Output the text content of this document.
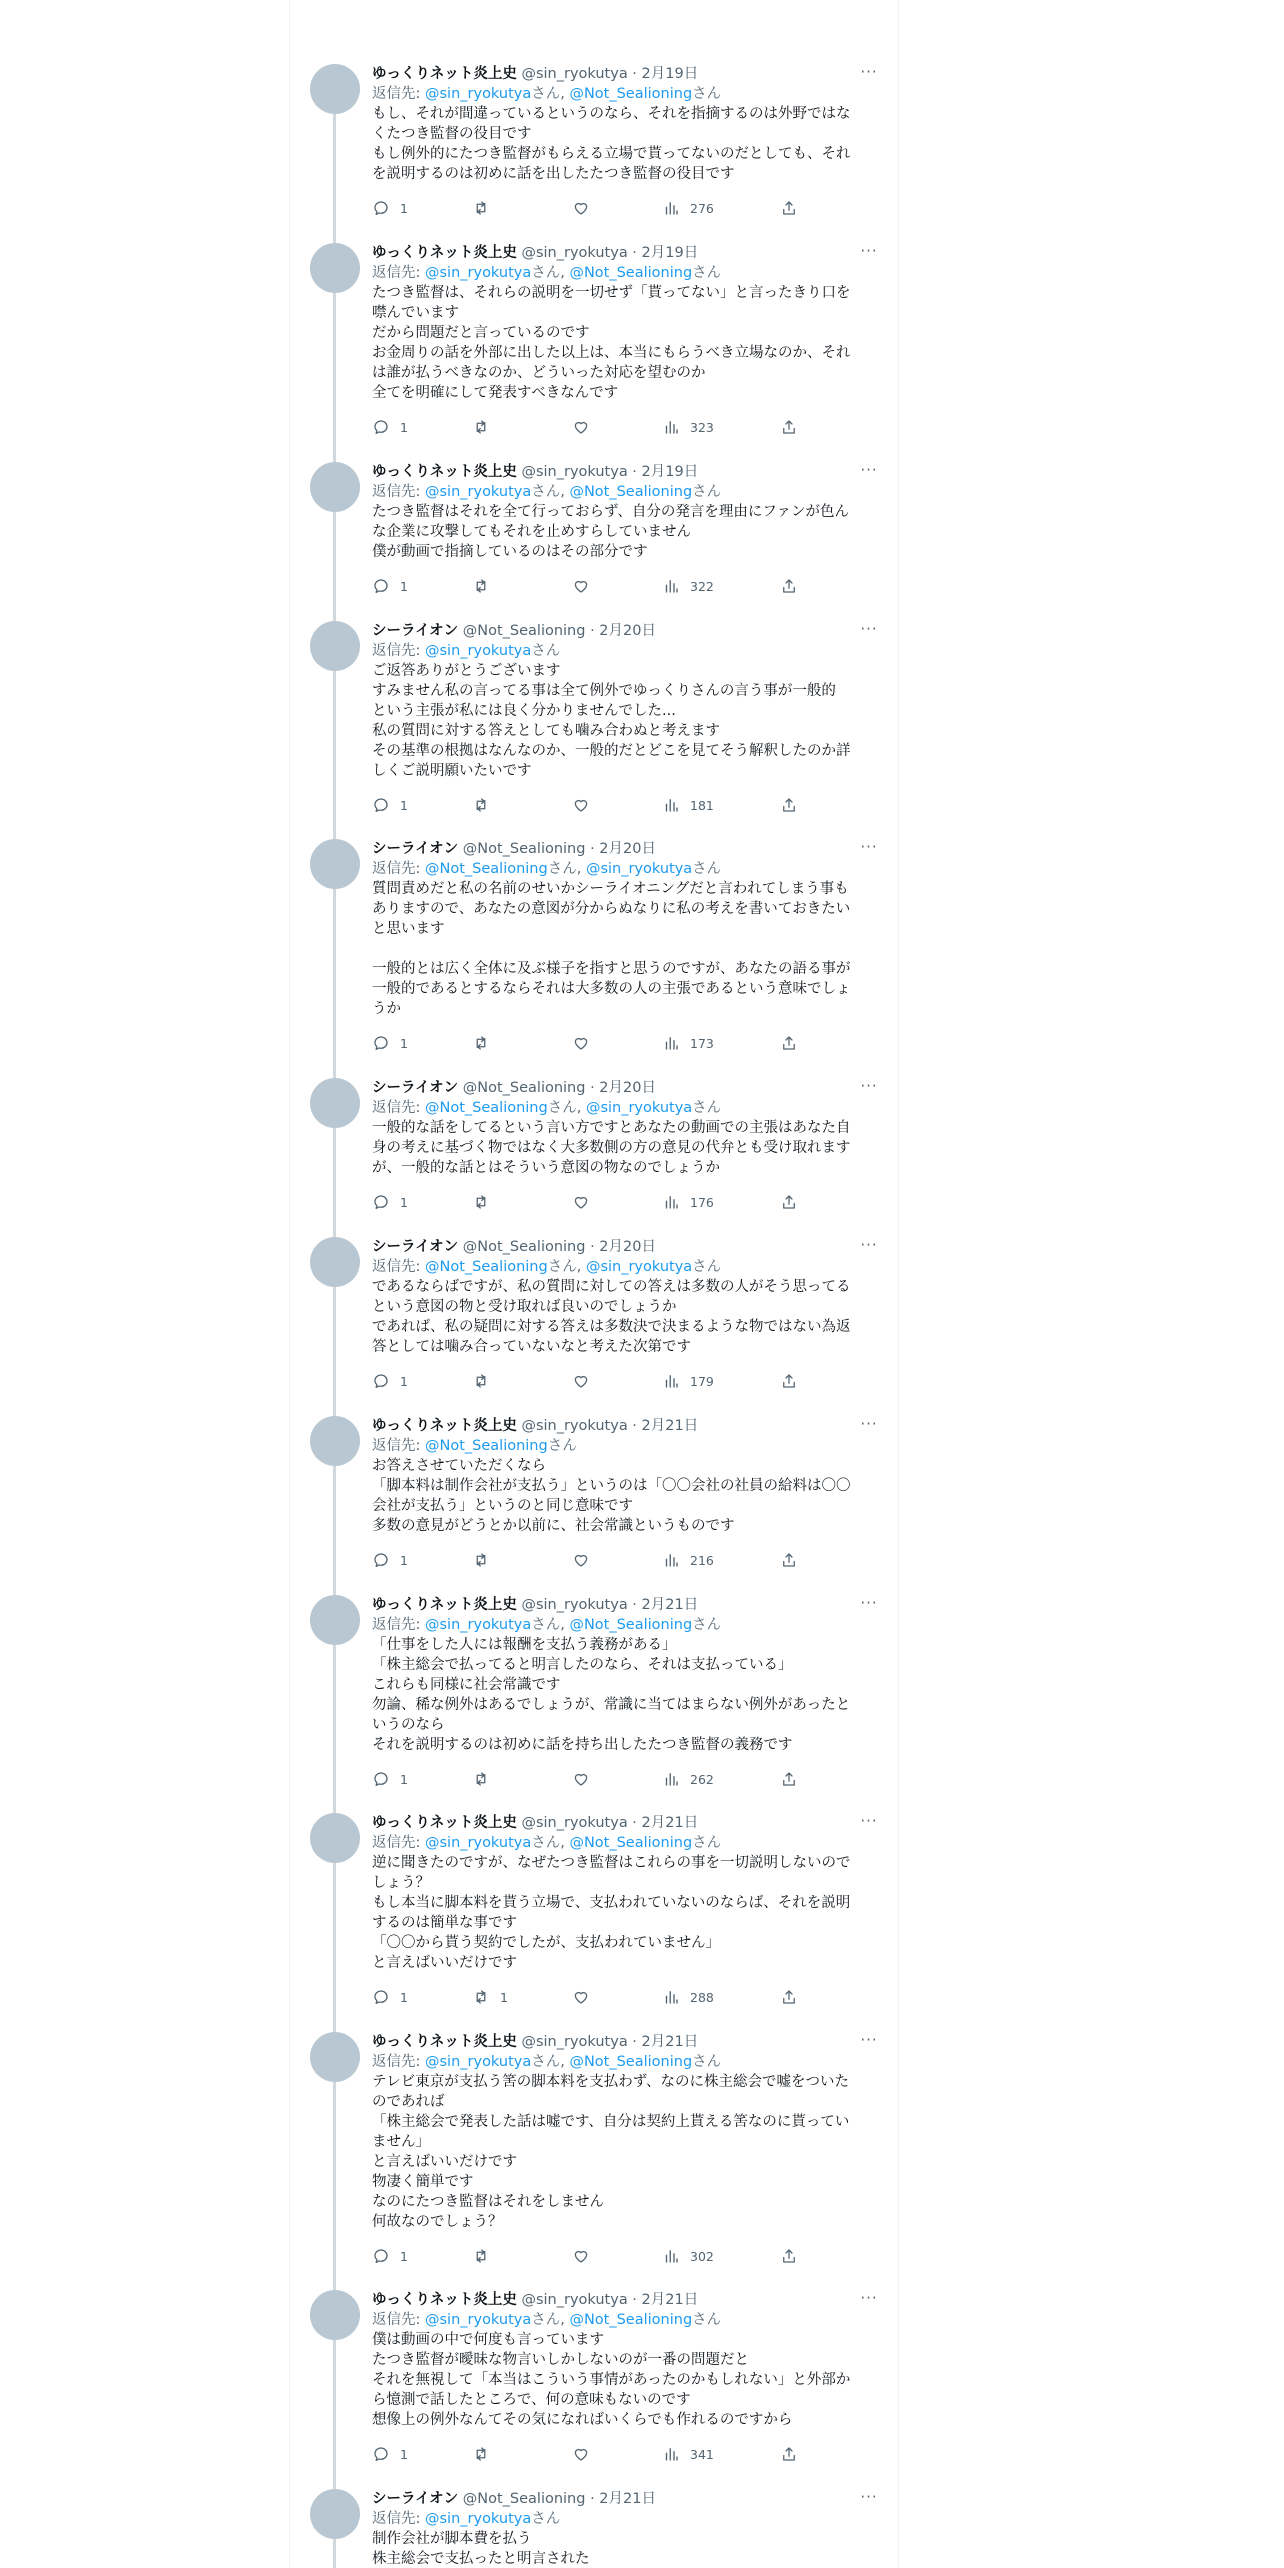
ゆっくりネット炎上史 @sin_ryokutya · 2月19日	···
返信先: @sin_ryokutyaさん, @Not_Sealioningさん
もし、それが間違っているというのなら、それを指摘するのは外野ではな
くたつき監督の役目です
もし例外的にたつき監督がもらえる立場で貰ってないのだとしても、それ
を説明するのは初めに話を出したたつき監督の役目です
1	276
ゆっくりネット炎上史 @sin_ryokutya · 2月19日	···
返信先: @sin_ryokutyaさん, @Not_Sealioningさん
たつき監督は、それらの説明を一切せず「貰ってない」と言ったきり口を
噤んでいます
だから問題だと言っているのです
お金周りの話を外部に出した以上は、本当にもらうべき立場なのか、それ
は誰が払うべきなのか、どういった対応を望むのか
全てを明確にして発表すべきなんです
1	323
ゆっくりネット炎上史 @sin_ryokutya · 2月19日	···
返信先: @sin_ryokutyaさん, @Not_Sealioningさん
たつき監督はそれを全て行っておらず、自分の発言を理由にファンが色ん
な企業に攻撃してもそれを止めすらしていません
僕が動画で指摘しているのはその部分です
1	322
シーライオン @Not_Sealioning · 2月20日	···
返信先: @sin_ryokutyaさん
ご返答ありがとうございます
すみません私の言ってる事は全て例外でゆっくりさんの言う事が一般的
という主張が私には良く分かりませんでした...
私の質問に対する答えとしても噛み合わぬと考えます
その基準の根拠はなんなのか、一般的だとどこを見てそう解釈したのか詳
しくご説明願いたいです
1	181
シーライオン @Not_Sealioning · 2月20日	···
返信先: @Not_Sealioningさん, @sin_ryokutyaさん
質問責めだと私の名前のせいかシーライオニングだと言われてしまう事も
ありますので、あなたの意図が分からぬなりに私の考えを書いておきたい
と思います
一般的とは広く全体に及ぶ様子を指すと思うのですが、あなたの語る事が
一般的であるとするならそれは大多数の人の主張であるという意味でしょ
うか
1	173
シーライオン @Not_Sealioning · 2月20日	···
返信先: @Not_Sealioningさん, @sin_ryokutyaさん
一般的な話をしてるという言い方ですとあなたの動画での主張はあなた自
身の考えに基づく物ではなく大多数側の方の意見の代弁とも受け取れます
が、一般的な話とはそういう意図の物なのでしょうか
1	176
シーライオン @Not_Sealioning · 2月20日	···
返信先: @Not_Sealioningさん, @sin_ryokutyaさん
であるならばですが、私の質問に対しての答えは多数の人がそう思ってる
という意図の物と受け取れば良いのでしょうか
であれば、私の疑問に対する答えは多数決で決まるような物ではない為返
答としては噛み合っていないなと考えた次第です
1	179
ゆっくりネット炎上史 @sin_ryokutya · 2月21日	···
返信先: @Not_Sealioningさん
お答えさせていただくなら
「脚本料は制作会社が支払う」というのは「〇〇会社の社員の給料は〇〇
会社が支払う」というのと同じ意味です
多数の意見がどうとか以前に、社会常識というものです
1	216
ゆっくりネット炎上史 @sin_ryokutya · 2月21日	···
返信先: @sin_ryokutyaさん, @Not_Sealioningさん
「仕事をした人には報酬を支払う義務がある」
「株主総会で払ってると明言したのなら、それは支払っている」
これらも同様に社会常識です
勿論、稀な例外はあるでしょうが、常識に当てはまらない例外があったと
いうのなら
それを説明するのは初めに話を持ち出したたつき監督の義務です
1	262
ゆっくりネット炎上史 @sin_ryokutya · 2月21日	···
返信先: @sin_ryokutyaさん, @Not_Sealioningさん
逆に聞きたのですが、なぜたつき監督はこれらの事を一切説明しないので
しょう？
もし本当に脚本料を貰う立場で、支払われていないのならば、それを説明
するのは簡単な事です
「〇〇から貰う契約でしたが、支払われていません」
と言えばいいだけです
1	1	288
ゆっくりネット炎上史 @sin_ryokutya · 2月21日	···
返信先: @sin_ryokutyaさん, @Not_Sealioningさん
テレビ東京が支払う筈の脚本料を支払わず、なのに株主総会で嘘をついた
のであれば
「株主総会で発表した話は嘘です、自分は契約上貰える筈なのに貰ってい
ません」
と言えばいいだけです
物凄く簡単です
なのにたつき監督はそれをしません
何故なのでしょう？
1	302
ゆっくりネット炎上史 @sin_ryokutya · 2月21日	···
返信先: @sin_ryokutyaさん, @Not_Sealioningさん
僕は動画の中で何度も言っています
たつき監督が曖昧な物言いしかしないのが一番の問題だと
それを無視して「本当はこういう事情があったのかもしれない」と外部か
ら憶測で話したところで、何の意味もないのです
想像上の例外なんてその気になればいくらでも作れるのですから
1	341
シーライオン @Not_Sealioning · 2月21日	···
返信先: @sin_ryokutyaさん
制作会社が脚本費を払う
株主総会で支払ったと明言された
